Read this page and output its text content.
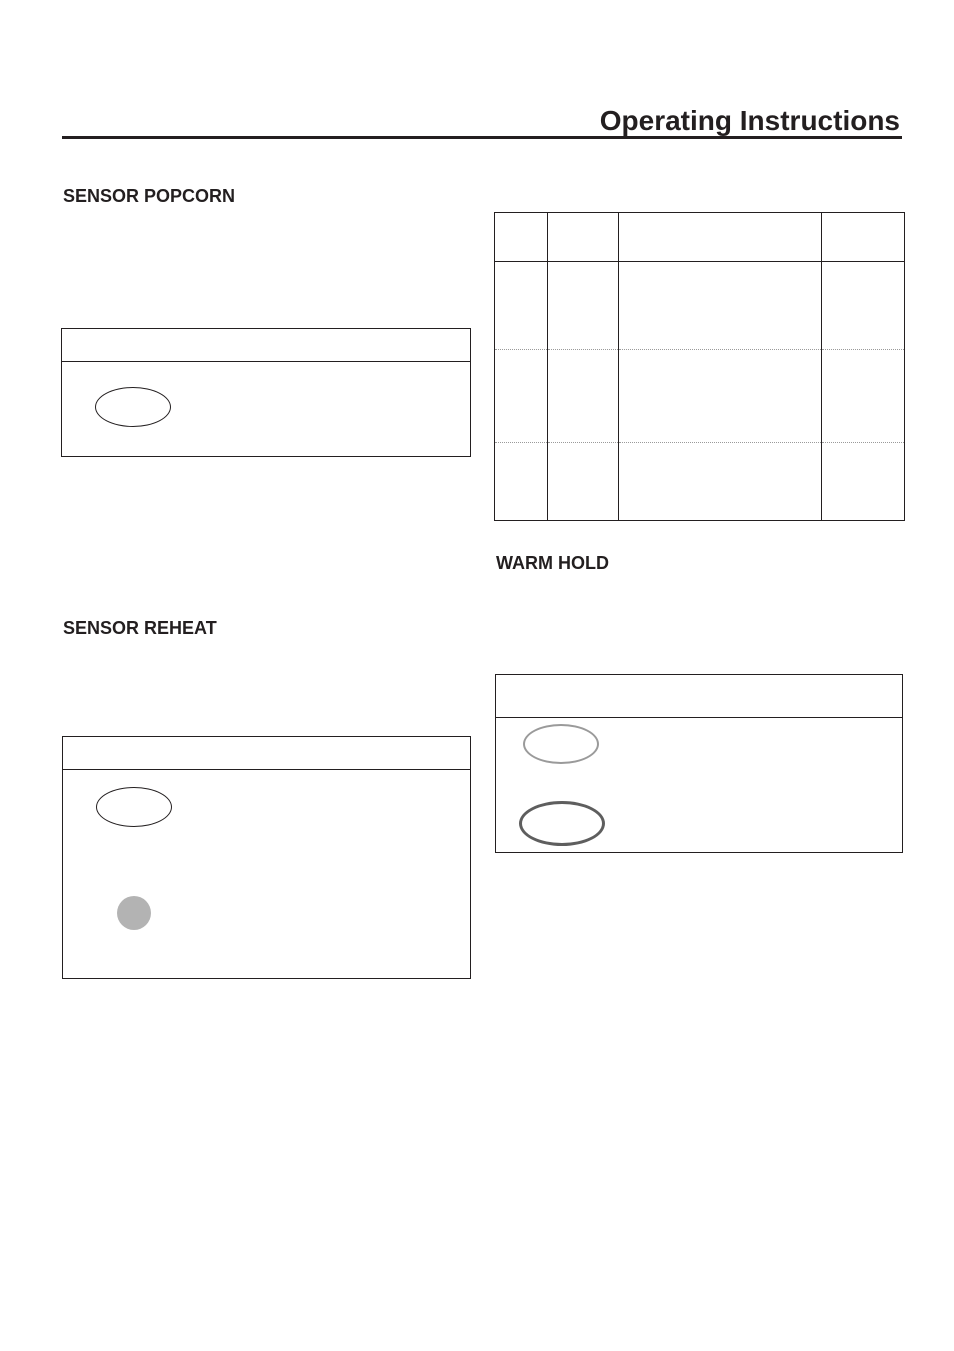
Operating Instructions
SENSOR POPCORN
SENSOR REHEAT

WARM HOLD
